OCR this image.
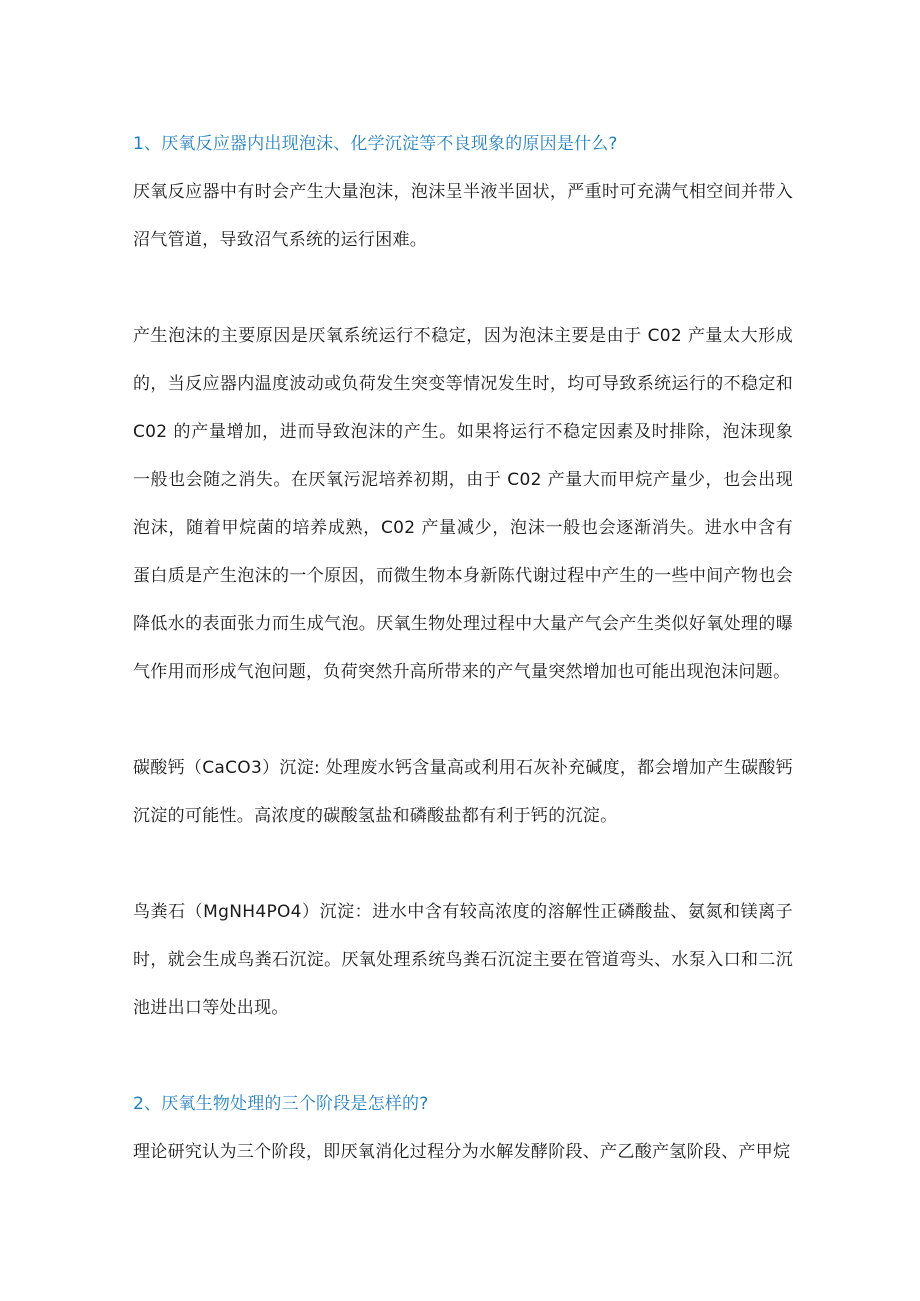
1、厌氧反应器内出现泡沫、化学沉淀等不良现象的原因是什么?

厌氧反应器中有时会产生大量泡沫，泡沫呈半液半固状，严重时可充满气相空间并带入沼气管道，导致沼气系统的运行困难。

产生泡沫的主要原因是厌氧系统运行不稳定，因为泡沫主要是由于 C02 产量太大形成的，当反应器内温度波动或负荷发生突变等情况发生时，均可导致系统运行的不稳定和 C02 的产量增加，进而导致泡沫的产生。如果将运行不稳定因素及时排除，泡沫现象一般也会随之消失。在厌氧污泥培养初期，由于 C02 产量大而甲烷产量少，也会出现泡沫，随着甲烷菌的培养成熟，C02 产量减少，泡沫一般也会逐渐消失。进水中含有蛋白质是产生泡沫的一个原因，而微生物本身新陈代谢过程中产生的一些中间产物也会降低水的表面张力而生成气泡。厌氧生物处理过程中大量产气会产生类似好氧处理的曝气作用而形成气泡问题，负荷突然升高所带来的产气量突然增加也可能出现泡沫问题。

碳酸钙（CaCO3）沉淀: 处理废水钙含量高或利用石灰补充碱度，都会增加产生碳酸钙沉淀的可能性。高浓度的碳酸氢盐和磷酸盐都有利于钙的沉淀。

鸟粪石（MgNH4PO4）沉淀：进水中含有较高浓度的溶解性正磷酸盐、氨氮和镁离子时，就会生成鸟粪石沉淀。厌氧处理系统鸟粪石沉淀主要在管道弯头、水泵入口和二沉池进出口等处出现。

2、厌氧生物处理的三个阶段是怎样的?

理论研究认为三个阶段，即厌氧消化过程分为水解发酵阶段、产乙酸产氢阶段、产甲烷
